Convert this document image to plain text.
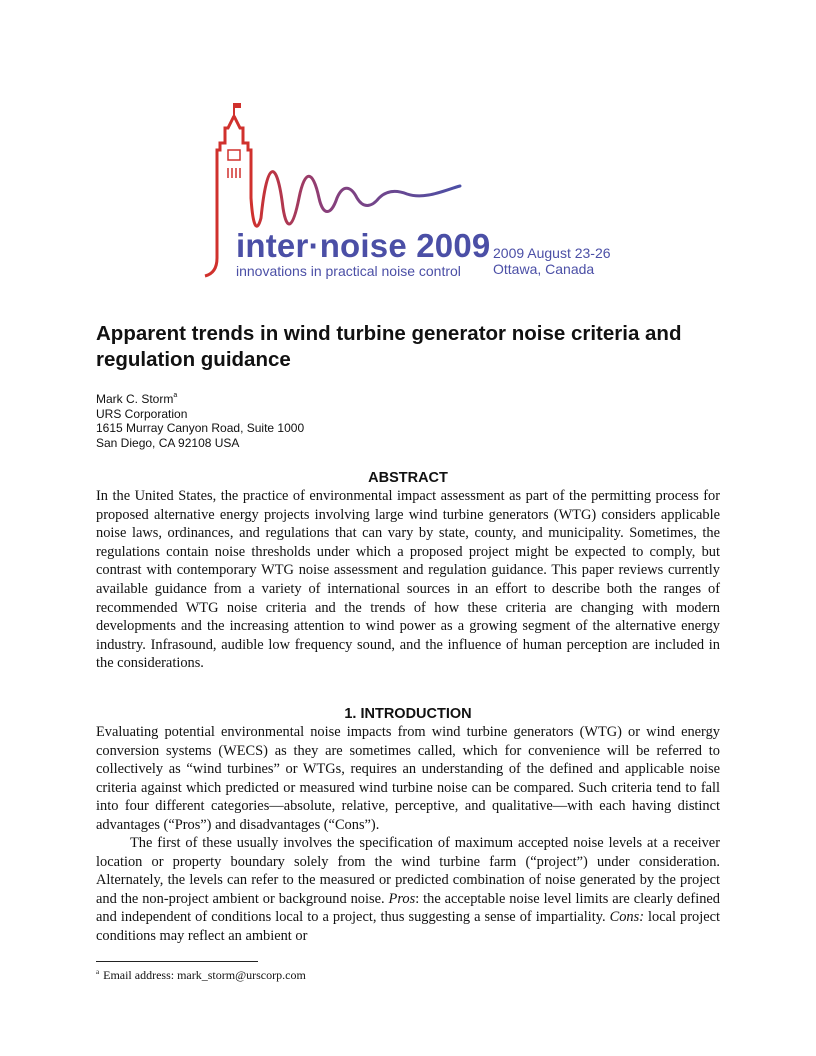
inter·noise 2009
innovations in practical noise control
2009 August 23-26
Ottawa, Canada
Apparent trends in wind turbine generator noise criteria and regulation guidance
Mark C. Storm$^a$
URS Corporation
1615 Murray Canyon Road, Suite 1000
San Diego, CA 92108 USA
ABSTRACT

In the United States, the practice of environmental impact assessment as part of the permitting process for proposed alternative energy projects involving large wind turbine generators (WTG) considers applicable noise laws, ordinances, and regulations that can vary by state, county, and municipality. Sometimes, the regulations contain noise thresholds under which a proposed project might be expected to comply, but contrast with contemporary WTG noise assessment and regulation guidance. This paper reviews currently available guidance from a variety of international sources in an effort to describe both the ranges of recommended WTG noise criteria and the trends of how these criteria are changing with modern developments and the increasing attention to wind power as a growing segment of the alternative energy industry. Infrasound, audible low frequency sound, and the influence of human perception are included in the considerations.

1. INTRODUCTION

Evaluating potential environmental noise impacts from wind turbine generators (WTG) or wind energy conversion systems (WECS) as they are sometimes called, which for convenience will be referred to collectively as “wind turbines” or WTGs, requires an understanding of the defined and applicable noise criteria against which predicted or measured wind turbine noise can be compared. Such criteria tend to fall into four different categories—absolute, relative, perceptive, and qualitative—with each having distinct advantages (“Pros”) and disadvantages (“Cons”).

The first of these usually involves the specification of maximum accepted noise levels at a receiver location or property boundary solely from the wind turbine farm (“project”) under consideration. Alternately, the levels can refer to the measured or predicted combination of noise generated by the project and the non-project ambient or background noise. Pros: the acceptable noise level limits are clearly defined and independent of conditions local to a project, thus suggesting a sense of impartiality. Cons: local project conditions may reflect an ambient or

$^a$ Email address: mark_storm@urscorp.com
